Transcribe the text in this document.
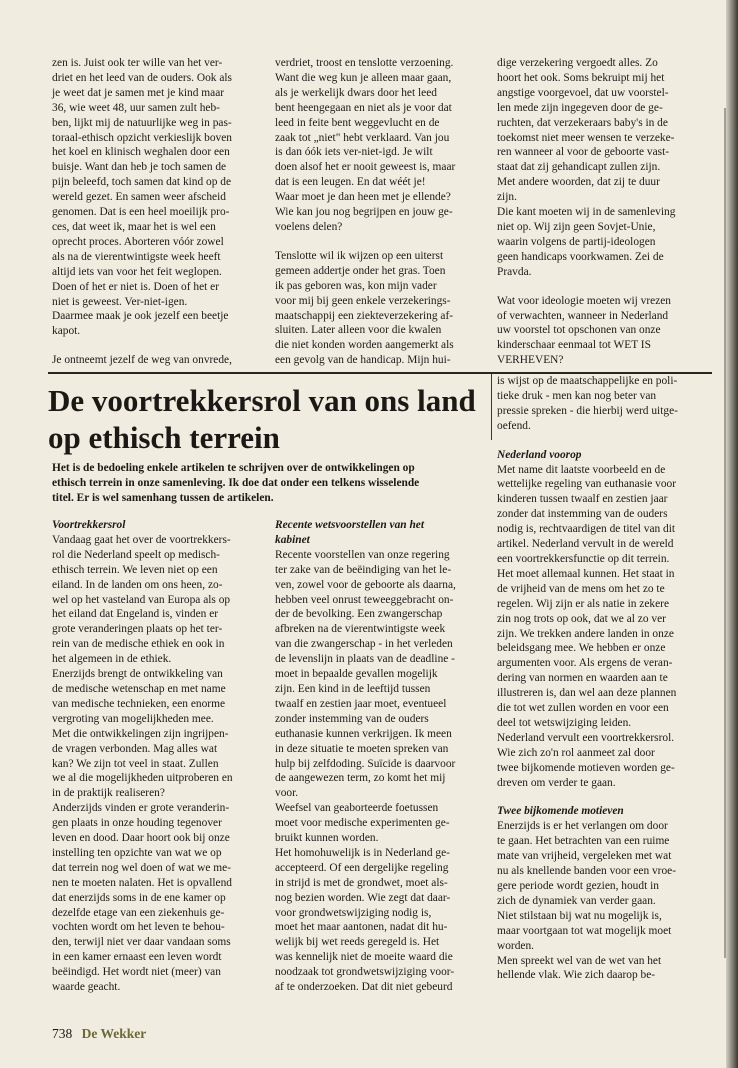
zen is. Juist ook ter wille van het ver-
driet en het leed van de ouders. Ook als
je weet dat je samen met je kind maar
36, wie weet 48, uur samen zult heb-
ben, lijkt mij de natuurlijke weg in pas-
toraal-ethisch opzicht verkieslijk boven
het koel en klinisch weghalen door een
buisje. Want dan heb je toch samen de
pijn beleefd, toch samen dat kind op de
wereld gezet. En samen weer afscheid
genomen. Dat is een heel moeilijk pro-
ces, dat weet ik, maar het is wel een
oprecht proces. Aborteren vóór zowel
als na de vierentwintigste week heeft
altijd iets van voor het feit weglopen.
Doen of het er niet is. Doen of het er
niet is geweest. Ver-niet-igen.
Daarmee maak je ook jezelf een beetje
kapot.

Je ontneemt jezelf de weg van onvrede,

verdriet, troost en tenslotte verzoening.
Want die weg kun je alleen maar gaan,
als je werkelijk dwars door het leed
bent heengegaan en niet als je voor dat
leed in feite bent weggevlucht en de
zaak tot „niet" hebt verklaard. Van jou
is dan óók iets ver-niet-igd. Je wilt
doen alsof het er nooit geweest is, maar
dat is een leugen. En dat wéét je!
Waar moet je dan heen met je ellende?
Wie kan jou nog begrijpen en jouw ge-
voelens delen?

Tenslotte wil ik wijzen op een uiterst
gemeen addertje onder het gras. Toen
ik pas geboren was, kon mijn vader
voor mij bij geen enkele verzekerings-
maatschappij een ziekteverzekering af-
sluiten. Later alleen voor die kwalen
die niet konden worden aangemerkt als
een gevolg van de handicap. Mijn hui-

dige verzekering vergoedt alles. Zo
hoort het ook. Soms bekruipt mij het
angstige voorgevoel, dat uw voorstel-
len mede zijn ingegeven door de ge-
ruchten, dat verzekeraars baby's in de
toekomst niet meer wensen te verzeke-
ren wanneer al voor de geboorte vast-
staat dat zij gehandicapt zullen zijn.
Met andere woorden, dat zij te duur
zijn.
Die kant moeten wij in de samenleving
niet op. Wij zijn geen Sovjet-Unie,
waarin volgens de partij-ideologen
geen handicaps voorkwamen. Zei de
Pravda.

Wat voor ideologie moeten wij vrezen
of verwachten, wanneer in Nederland
uw voorstel tot opschonen van onze
kinderschaar eenmaal tot WET IS
VERHEVEN?

De voortrekkersrol van ons land
op ethisch terrein

Het is de bedoeling enkele artikelen te schrijven over de ontwikkelingen op
ethisch terrein in onze samenleving. Ik doe dat onder een telkens wisselende
titel. Er is wel samenhang tussen de artikelen.

Voortrekkersrol

Vandaag gaat het over de voortrekkers-
rol die Nederland speelt op medisch-
ethisch terrein. We leven niet op een
eiland. In de landen om ons heen, zo-
wel op het vasteland van Europa als op
het eiland dat Engeland is, vinden er
grote veranderingen plaats op het ter-
rein van de medische ethiek en ook in
het algemeen in de ethiek.
Enerzijds brengt de ontwikkeling van
de medische wetenschap en met name
van medische technieken, een enorme
vergroting van mogelijkheden mee.
Met die ontwikkelingen zijn ingrijpen-
de vragen verbonden. Mag alles wat
kan? We zijn tot veel in staat. Zullen
we al die mogelijkheden uitproberen en
in de praktijk realiseren?
Anderzijds vinden er grote veranderin-
gen plaats in onze houding tegenover
leven en dood. Daar hoort ook bij onze
instelling ten opzichte van wat we op
dat terrein nog wel doen of wat we me-
nen te moeten nalaten. Het is opvallend
dat enerzijds soms in de ene kamer op
dezelfde etage van een ziekenhuis ge-
vochten wordt om het leven te behou-
den, terwijl niet ver daar vandaan soms
in een kamer ernaast een leven wordt
beëindigd. Het wordt niet (meer) van
waarde geacht.

Recente wetsvoorstellen van het
kabinet

Recente voorstellen van onze regering
ter zake van de beëindiging van het le-
ven, zowel voor de geboorte als daarna,
hebben veel onrust teweeggebracht on-
der de bevolking. Een zwangerschap
afbreken na de vierentwintigste week
van die zwangerschap - in het verleden
de levenslijn in plaats van de deadline -
moet in bepaalde gevallen mogelijk
zijn. Een kind in de leeftijd tussen
twaalf en zestien jaar moet, eventueel
zonder instemming van de ouders
euthanasie kunnen verkrijgen. Ik meen
in deze situatie te moeten spreken van
hulp bij zelfdoding. Suïcide is daarvoor
de aangewezen term, zo komt het mij
voor.
Weefsel van geaborteerde foetussen
moet voor medische experimenten ge-
bruikt kunnen worden.
Het homohuwelijk is in Nederland ge-
accepteerd. Of een dergelijke regeling
in strijd is met de grondwet, moet als-
nog bezien worden. Wie zegt dat daar-
voor grondwetswijziging nodig is,
moet het maar aantonen, nadat dit hu-
welijk bij wet reeds geregeld is. Het
was kennelijk niet de moeite waard die
noodzaak tot grondwetswijziging voor-
af te onderzoeken. Dat dit niet gebeurd

is wijst op de maatschappelijke en poli-
tieke druk - men kan nog beter van
pressie spreken - die hierbij werd uitge-
oefend.

Nederland voorop

Met name dit laatste voorbeeld en de
wettelijke regeling van euthanasie voor
kinderen tussen twaalf en zestien jaar
zonder dat instemming van de ouders
nodig is, rechtvaardigen de titel van dit
artikel. Nederland vervult in de wereld
een voortrekkersfunctie op dit terrein.
Het moet allemaal kunnen. Het staat in
de vrijheid van de mens om het zo te
regelen. Wij zijn er als natie in zekere
zin nog trots op ook, dat we al zo ver
zijn. We trekken andere landen in onze
beleidsgang mee. We hebben er onze
argumenten voor. Als ergens de veran-
dering van normen en waarden aan te
illustreren is, dan wel aan deze plannen
die tot wet zullen worden en voor een
deel tot wetswijziging leiden.
Nederland vervult een voortrekkersrol.
Wie zich zo'n rol aanmeet zal door
twee bijkomende motieven worden ge-
dreven om verder te gaan.

Twee bijkomende motieven

Enerzijds is er het verlangen om door
te gaan. Het betrachten van een ruime
mate van vrijheid, vergeleken met wat
nu als knellende banden voor een vroe-
gere periode wordt gezien, houdt in
zich de dynamiek van verder gaan.
Niet stilstaan bij wat nu mogelijk is,
maar voortgaan tot wat mogelijk moet
worden.
Men spreekt wel van de wet van het
hellende vlak. Wie zich daarop be-

738 De Wekker
